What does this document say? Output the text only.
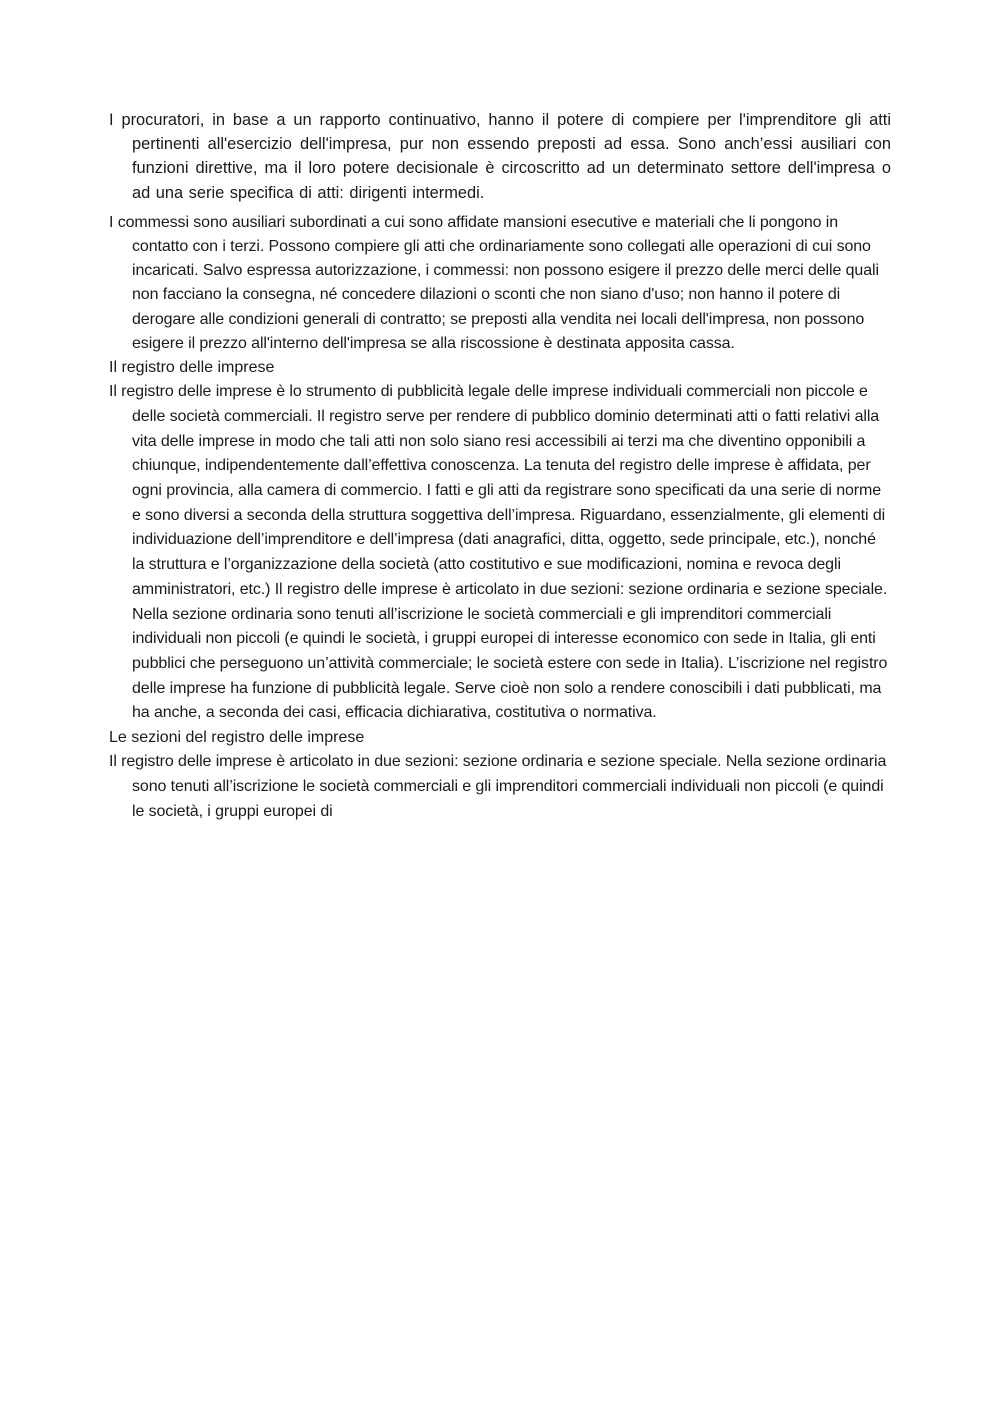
I procuratori, in base a un rapporto continuativo, hanno il potere di compiere per l'imprenditore gli atti pertinenti all'esercizio dell'impresa, pur non essendo preposti ad essa. Sono anch’essi ausiliari con funzioni direttive, ma il loro potere decisionale è circoscritto ad un determinato settore dell'impresa o ad una serie specifica di atti: dirigenti intermedi.

I commessi sono ausiliari subordinati a cui sono affidate mansioni esecutive e materiali che li pongono in contatto con i terzi. Possono compiere gli atti che ordinariamente sono collegati alle operazioni di cui sono incaricati. Salvo espressa autorizzazione, i commessi: non possono esigere il prezzo delle merci delle quali non facciano la consegna, né concedere dilazioni o sconti che non siano d'uso; non hanno il potere di derogare alle condizioni generali di contratto; se preposti alla vendita nei locali dell'impresa, non possono esigere il prezzo all'interno dell'impresa se alla riscossione è destinata apposita cassa.

Il registro delle imprese

Il registro delle imprese è lo strumento di pubblicità legale delle imprese individuali commerciali non piccole e delle società commerciali. Il registro serve per rendere di pubblico dominio determinati atti o fatti relativi alla vita delle imprese in modo che tali atti non solo siano resi accessibili ai terzi ma che diventino opponibili a chiunque, indipendentemente dall’effettiva conoscenza. La tenuta del registro delle imprese è affidata, per ogni provincia, alla camera di commercio. I fatti e gli atti da registrare sono specificati da una serie di norme e sono diversi a seconda della struttura soggettiva dell’impresa. Riguardano, essenzialmente, gli elementi di individuazione dell’imprenditore e dell’impresa (dati anagrafici, ditta, oggetto, sede principale, etc.), nonché la struttura e l’organizzazione della società (atto costitutivo e sue modificazioni, nomina e revoca degli amministratori, etc.) Il registro delle imprese è articolato in due sezioni: sezione ordinaria e sezione speciale. Nella sezione ordinaria sono tenuti all’iscrizione le società commerciali e gli imprenditori commerciali individuali non piccoli (e quindi le società, i gruppi europei di interesse economico con sede in Italia, gli enti pubblici che perseguono un’attività commerciale; le società estere con sede in Italia). L’iscrizione nel registro delle imprese ha funzione di pubblicità legale. Serve cioè non solo a rendere conoscibili i dati pubblicati, ma ha anche, a seconda dei casi, efficacia dichiarativa, costitutiva o normativa.

Le sezioni del registro delle imprese

Il registro delle imprese è articolato in due sezioni: sezione ordinaria e sezione speciale. Nella sezione ordinaria sono tenuti all’iscrizione le società commerciali e gli imprenditori commerciali individuali non piccoli (e quindi le società, i gruppi europei di
